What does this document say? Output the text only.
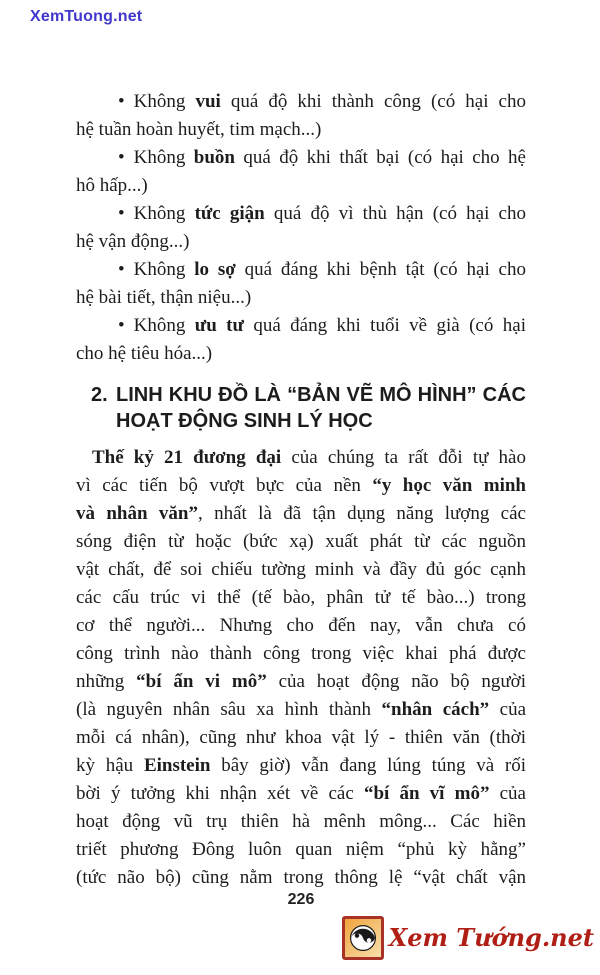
XemTuong.net
• Không vui quá độ khi thành công (có hại cho
hệ tuần hoàn huyết, tim mạch...)
• Không buồn quá độ khi thất bại (có hại cho hệ
hô hấp...)
• Không tức giận quá độ vì thù hận (có hại cho
hệ vận động...)
• Không lo sợ quá đáng khi bệnh tật (có hại cho
hệ bài tiết, thận niệu...)
• Không ưu tư quá đáng khi tuổi về già (có hại
cho hệ tiêu hóa...)
2. LINH KHU ĐỒ LÀ “BẢN VẼ MÔ HÌNH” CÁC
HOẠT ĐỘNG SINH LÝ HỌC
Thế kỷ 21 đương đại của chúng ta rất đỗi tự hào
vì các tiến bộ vượt bực của nền “y học văn minh
và nhân văn”, nhất là đã tận dụng năng lượng các
sóng điện từ hoặc (bức xạ) xuất phát từ các nguồn
vật chất, để soi chiếu tường minh và đầy đủ góc cạnh
các cấu trúc vi thể (tế bào, phân tử tế bào...) trong
cơ thể người... Nhưng cho đến nay, vẫn chưa có
công trình nào thành công trong việc khai phá được
những “bí ẩn vi mô” của hoạt động não bộ người
(là nguyên nhân sâu xa hình thành “nhân cách” của
mỗi cá nhân), cũng như khoa vật lý - thiên văn (thời
kỳ hậu Einstein bây giờ) vẫn đang lúng túng và rối
bời ý tưởng khi nhận xét về các “bí ẩn vĩ mô” của
hoạt động vũ trụ thiên hà mênh mông... Các hiền
triết phương Đông luôn quan niệm “phủ kỳ hằng”
(tức não bộ) cũng nằm trong thông lệ “vật chất vận
226
Xem Tướng.net
